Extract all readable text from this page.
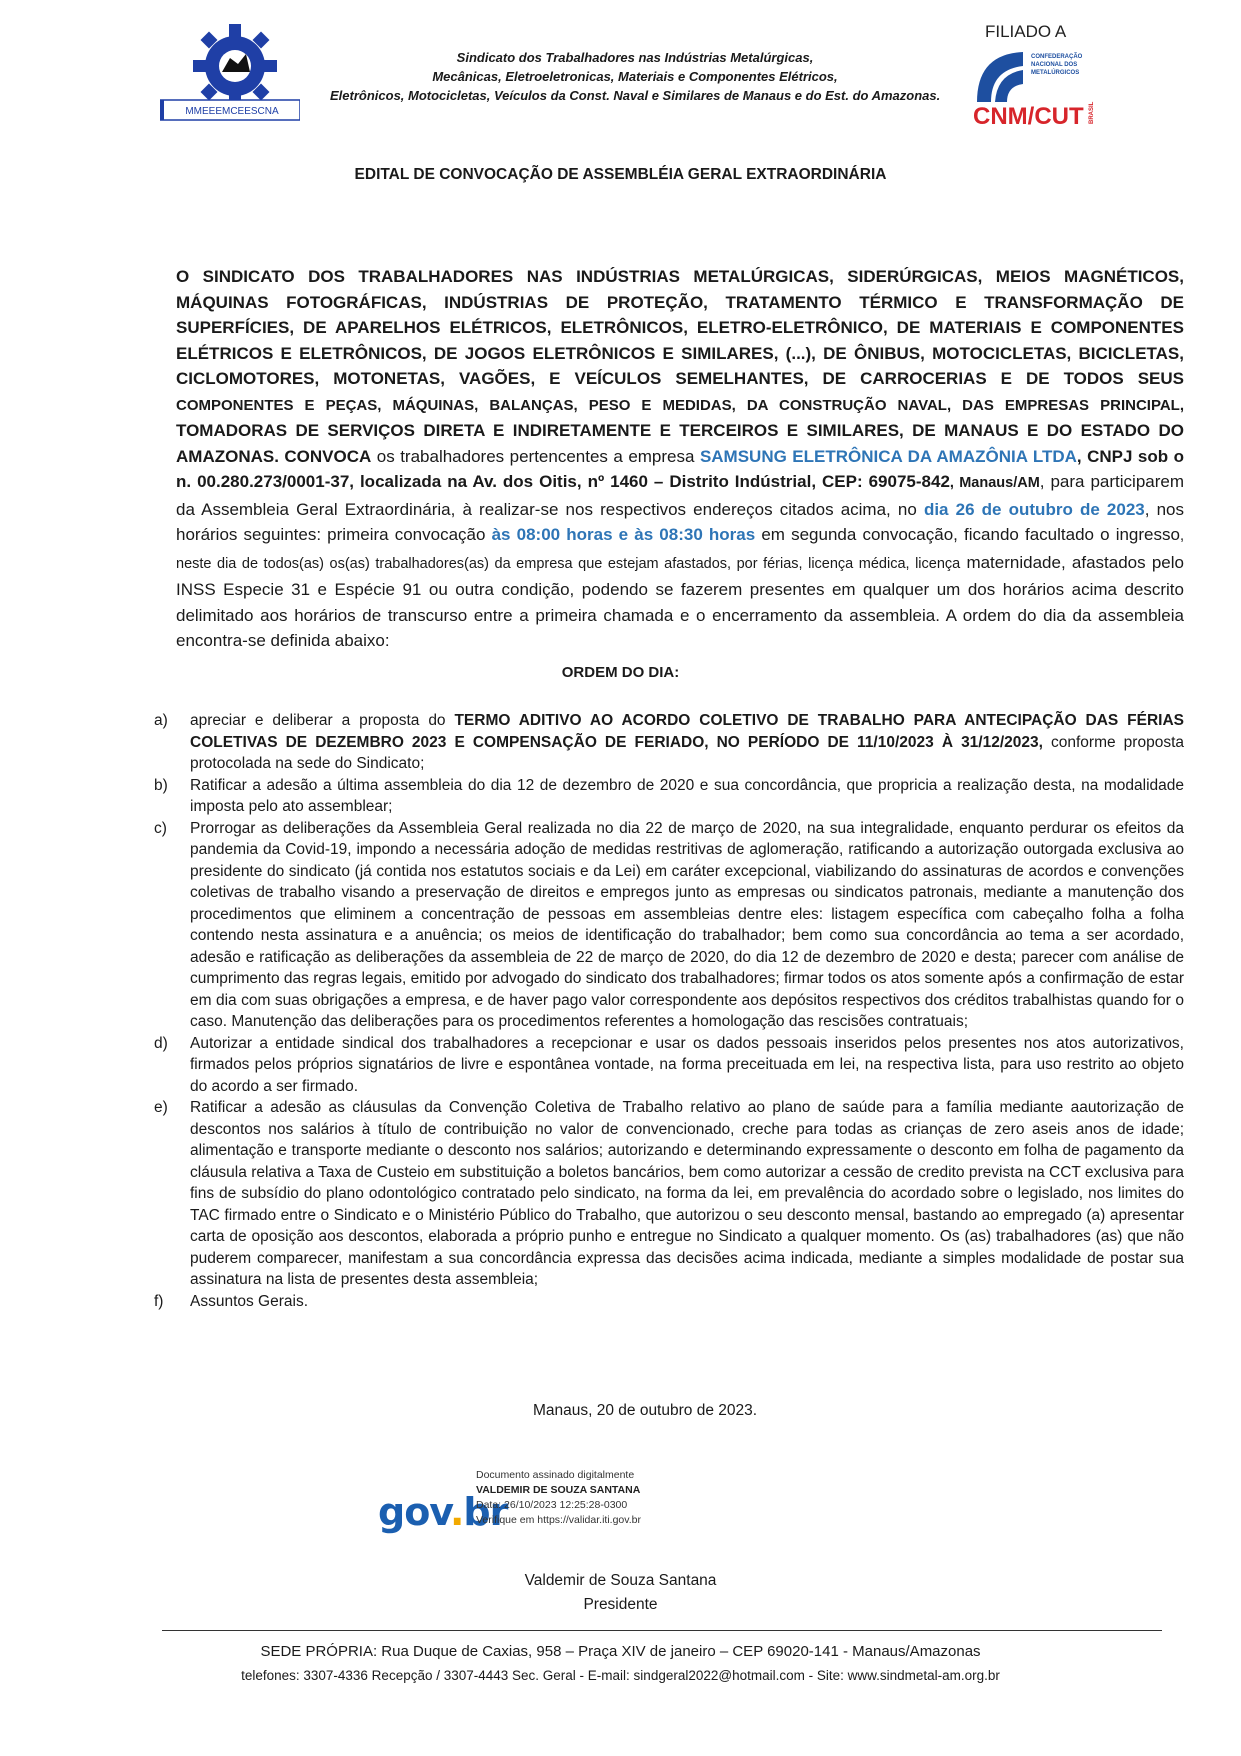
MMEEEMCEESCNA
Sindicato dos Trabalhadores nas Indústrias Metalúrgicas,
Mecânicas, Eletroeletronicas, Materiais e Componentes Elétricos,
Eletrônicos, Motocicletas, Veículos da Const. Naval e Similares de Manaus e do Est. do Amazonas.
FILIADO A
CONFEDERAÇÃO
NACIONAL DOS
METALÚRGICOS
CNM/CUT BRASIL
EDITAL DE CONVOCAÇÃO DE ASSEMBLÉIA GERAL EXTRAORDINÁRIA
O SINDICATO DOS TRABALHADORES NAS INDÚSTRIAS METALÚRGICAS, SIDERÚRGICAS, MEIOS MAGNÉTICOS, MÁQUINAS FOTOGRÁFICAS, INDÚSTRIAS DE PROTEÇÃO, TRATAMENTO TÉRMICO E TRANSFORMAÇÃO DE SUPERFÍCIES, DE APARELHOS ELÉTRICOS, ELETRÔNICOS, ELETRO-ELETRÔNICO, DE MATERIAIS E COMPONENTES ELÉTRICOS E ELETRÔNICOS, DE JOGOS ELETRÔNICOS E SIMILARES, (...), DE ÔNIBUS, MOTOCICLETAS, BICICLETAS, CICLOMOTORES, MOTONETAS, VAGÕES, E VEÍCULOS SEMELHANTES, DE CARROCERIAS E DE TODOS SEUS COMPONENTES E PEÇAS, MÁQUINAS, BALANÇAS, PESO E MEDIDAS, DA CONSTRUÇÃO NAVAL, DAS EMPRESAS PRINCIPAL, TOMADORAS DE SERVIÇOS DIRETA E INDIRETAMENTE E TERCEIROS E SIMILARES, DE MANAUS E DO ESTADO DO AMAZONAS. CONVOCA os trabalhadores pertencentes a empresa SAMSUNG ELETRÔNICA DA AMAZÔNIA LTDA, CNPJ sob o n. 00.280.273/0001-37, localizada na Av. dos Oitis, nº 1460 – Distrito Indústrial, CEP: 69075-842, Manaus/AM, para participarem da Assembleia Geral Extraordinária, à realizar-se nos respectivos endereços citados acima, no dia 26 de outubro de 2023, nos horários seguintes: primeira convocação às 08:00 horas e às 08:30 horas em segunda convocação, ficando facultado o ingresso, neste dia de todos(as) os(as) trabalhadores(as) da empresa que estejam afastados, por férias, licença médica, licença maternidade, afastados pelo INSS Especie 31 e Espécie 91 ou outra condição, podendo se fazerem presentes em qualquer um dos horários acima descrito delimitado aos horários de transcurso entre a primeira chamada e o encerramento da assembleia. A ordem do dia da assembleia encontra-se definida abaixo:
ORDEM DO DIA:
a) apreciar e deliberar a proposta do TERMO ADITIVO AO ACORDO COLETIVO DE TRABALHO PARA ANTECIPAÇÃO DAS FÉRIAS COLETIVAS DE DEZEMBRO 2023 E COMPENSAÇÃO DE FERIADO, NO PERÍODO DE 11/10/2023 À 31/12/2023, conforme proposta protocolada na sede do Sindicato;
b) Ratificar a adesão a última assembleia do dia 12 de dezembro de 2020 e sua concordância, que propricia a realização desta, na modalidade imposta pelo ato assemblear;
c) Prorrogar as deliberações da Assembleia Geral realizada no dia 22 de março de 2020, na sua integralidade, enquanto perdurar os efeitos da pandemia da Covid-19, impondo a necessária adoção de medidas restritivas de aglomeração, ratificando a autorização outorgada exclusiva ao presidente do sindicato (já contida nos estatutos sociais e da Lei) em caráter excepcional, viabilizando do assinaturas de acordos e convenções coletivas de trabalho visando a preservação de direitos e empregos junto as empresas ou sindicatos patronais, mediante a manutenção dos procedimentos que eliminem a concentração de pessoas em assembleias dentre eles: listagem específica com cabeçalho folha a folha contendo nesta assinatura e a anuência; os meios de identificação do trabalhador; bem como sua concordância ao tema a ser acordado, adesão e ratificação as deliberações da assembleia de 22 de março de 2020, do dia 12 de dezembro de 2020 e desta; parecer com análise de cumprimento das regras legais, emitido por advogado do sindicato dos trabalhadores; firmar todos os atos somente após a confirmação de estar em dia com suas obrigações a empresa, e de haver pago valor correspondente aos depósitos respectivos dos créditos trabalhistas quando for o caso. Manutenção das deliberações para os procedimentos referentes a homologação das rescisões contratuais;
d) Autorizar a entidade sindical dos trabalhadores a recepcionar e usar os dados pessoais inseridos pelos presentes nos atos autorizativos, firmados pelos próprios signatários de livre e espontânea vontade, na forma preceituada em lei, na respectiva lista, para uso restrito ao objeto do acordo a ser firmado.
e) Ratificar a adesão as cláusulas da Convenção Coletiva de Trabalho relativo ao plano de saúde para a família mediante aautorização de descontos nos salários à título de contribuição no valor de convencionado, creche para todas as crianças de zero aseis anos de idade; alimentação e transporte mediante o desconto nos salários; autorizando e determinando expressamente o desconto em folha de pagamento da cláusula relativa a Taxa de Custeio em substituição a boletos bancários, bem como autorizar a cessão de credito prevista na CCT exclusiva para fins de subsídio do plano odontológico contratado pelo sindicato, na forma da lei, em prevalência do acordado sobre o legislado, nos limites do TAC firmado entre o Sindicato e o Ministério Público do Trabalho, que autorizou o seu desconto mensal, bastando ao empregado (a) apresentar carta de oposição aos descontos, elaborada a próprio punho e entregue no Sindicato a qualquer momento. Os (as) trabalhadores (as) que não puderem comparecer, manifestam a sua concordância expressa das decisões acima indicada, mediante a simples modalidade de postar sua assinatura na lista de presentes desta assembleia;
f) Assuntos Gerais.
Manaus, 20 de outubro de 2023.
gov.br
Documento assinado digitalmente
VALDEMIR DE SOUZA SANTANA
Data: 26/10/2023 12:25:28-0300
Verifique em https://validar.iti.gov.br
Valdemir de Souza Santana
Presidente
SEDE PRÓPRIA: Rua Duque de Caxias, 958 – Praça XIV de janeiro – CEP 69020-141 - Manaus/Amazonas
telefones: 3307-4336 Recepção / 3307-4443 Sec. Geral - E-mail: sindgeral2022@hotmail.com - Site: www.sindmetal-am.org.br
